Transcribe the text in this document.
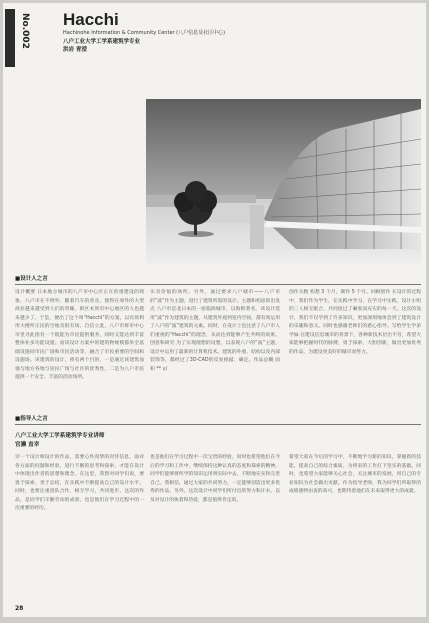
No.002 Hacchi
Hachinohe Information & Community Center (八户信息及社区中心)
八户工业大学工学系建筑学专业
洪岩 青滢
■设计人之言
设计概要 日本地方城市的八户市中心区正在的重建设的现象，八户市在不例外，随着汽车的普及，使得在郊外的大型商业越来越受到人们的青睐，街区本到市中心地区的人也越来越少了。于是，便出了这个叫“Hacchi”的方案，以有效利用大楼所正民的空地及很有场。自信立此，八户市将市中心市里寻此指有一个既能为市民提供服务，同时又能达到丰富整体业多功能设施。而该设计方案中的建筑物规模都举全基础设施同市民广场和市民活动等，融合了市民重要的空间和设施场。该建筑的设计，将有两个目的，一是通过该建筑加强与地方各地与居民广场与社区的优秀性，二是为八户市民提供一个安全、丰富的活动场所。
买卖价值的场所。另外，通过要求八户城市——八户市的“波”作为主题，进行了建筑所需的设计。主题和构思的出发点 八户市是北日本的一座临海城市，以海鲜著名，该设计选用“波”作为建筑的主题，从建筑外观到室内空间，都有效运用了八户的“波”建筑的元素。同时，在设计上也注意了八户市人们重视的“Hacchi”的理念，从而达到能够产生共鸣的效果。创意和研究 为了实现理想的设想，以表现八户的“波”主题，设计中运用了最新的计算机技术。建筑的外观、结构以及内部装饰等，都经过了3D-CAD的反复推敲、确定。作品总概 面积 ** ㎡
创作关数 构想 3 个月，制作 5 个月。回顾创作 在设计的过程中，我们作为学生，在实践中学习、在学习中实践，设计小组的三人相互配合，共同度过了紧张而充实的每一天。这次的设计，我们不仅学到了许多知识，更加深刻地体会到了建筑设计的乐趣和意义。同时也感谢老师们的悉心指导。写给学生学弟学妹 在建设信息城市的背景下，各种新技术层出不穷，希望大家能够把握时代的脉搏，勇于探索、大胆创新，做出更加优秀的作品，为建设更美好的城市而努力。
■指导人之言
八户工业大学工学系建筑学专业讲师
官濑 直幸
旁一个设计师设计的作品，需要心怀真挚的对待信息，面对各方面的问题和经验，进行不断的思考和探索，才能在设计中体现出作者的思想和理念。在这里，我想对同学们说，要勇于探索，善于总结，在实践中不断提高自己的设计水平。同时，也要注重团队合作，相互学习，共同进步。这次的作品，是同学们辛勤劳动的成果，也是他们在学习过程中的一次重要的经历。
也是他们在学习过程中一次宝贵的经验，同时也希望他们在今后的学习和工作中，继续保持这种认真的态度和探索的精神。同学们能够将所学的知识运用到实际中去，不断地充实和完善自己。我相信，通过大家的共同努力，一定能够创造出更多优秀的作品。另外，这次设计中同学们所付出的努力和汗水，以及对设计的执着和热爱，都是值得肯定的。
希望大家在今后的学习中，不断地学习新的知识，掌握新的技能，提高自己的综合素质，为将来的工作打下坚实的基础。同时，也希望大家能够关心社会，关注城市的发展，用自己的专业知识为社会做出贡献。作为指导老师，我为同学们所取得的成绩感到由衷的高兴，也期待着他们在未来取得更大的成就。
28
